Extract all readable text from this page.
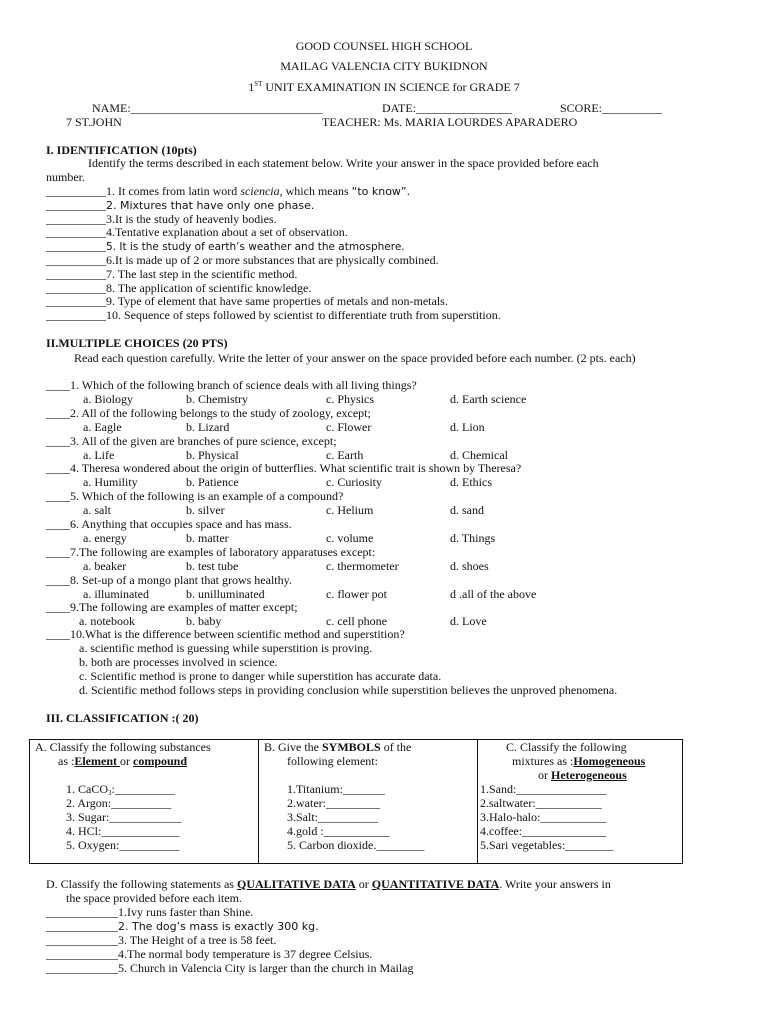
GOOD COUNSEL HIGH SCHOOL
MAILAG VALENCIA CITY BUKIDNON
1ST UNIT EXAMINATION IN SCIENCE for GRADE 7
NAME:________________________________	DATE:________________	SCORE:__________
7 ST.JOHN	TEACHER: Ms. MARIA LOURDES APARADERO
I. IDENTIFICATION (10pts)
Identify the terms described in each statement below. Write your answer in the space provided before each
number.
__________1. It comes from latin word sciencia, which means “to know”.
__________2. Mixtures that have only one phase.
__________3.It is the study of heavenly bodies.
__________4.Tentative explanation about a set of observation.
__________5. It is the study of earth’s weather and the atmosphere.
__________6.It is made up of 2 or more substances that are physically combined.
__________7. The last step in the scientific method.
__________8. The application of scientific knowledge.
__________9. Type of element that have same properties of metals and non-metals.
__________10. Sequence of steps followed by scientist to differentiate truth from superstition.
II.MULTIPLE CHOICES (20 PTS)
Read each question carefully. Write the letter of your answer on the space provided before each number. (2 pts. each)
____1. Which of the following branch of science deals with all living things?
a. Biology	b. Chemistry	c. Physics	d. Earth science
____2. All of the following belongs to the study of zoology, except;
a. Eagle	b. Lizard	c. Flower	d. Lion
____3. All of the given are branches of pure science, except;
a. Life	b. Physical	c. Earth	d. Chemical
____4. Theresa wondered about the origin of butterflies. What scientific trait is shown by Theresa?
a. Humility	b. Patience	c. Curiosity	d. Ethics
____5. Which of the following is an example of a compound?
a. salt	b. silver	c. Helium	d. sand
____6. Anything that occupies space and has mass.
a. energy	b. matter	c. volume	d. Things
____7.The following are examples of laboratory apparatuses except:
a. beaker	b. test tube	c. thermometer	d. shoes
____8. Set-up of a mongo plant that grows healthy.
a. illuminated	b. unilluminated	c. flower pot	d .all of the above
____9.The following are examples of matter except;
a. notebook	b. baby	c. cell phone	d. Love
____10.What is the difference between scientific method and superstition?
a. scientific method is guessing while superstition is proving.
b. both are processes involved in science.
c. Scientific method is prone to danger while superstition has accurate data.
d. Scientific method follows steps in providing conclusion while superstition believes the unproved phenomena.
III. CLASSIFICATION :( 20)
A. Classify the following substances
as :Element or compound
1. CaCO$_3$:__________
2. Argon:__________
3. Sugar:____________
4. HCl:_____________
5. Oxygen:__________

B. Give the SYMBOLS of the
following element:
1.Titanium:_______
2.water:_________
3.Salt:__________
4.gold :___________
5. Carbon dioxide.________

C. Classify the following
mixtures as :Homogeneous
or Heterogeneous
1.Sand:_______________
2.saltwater:___________
3.Halo-halo:___________
4.coffee:______________
5.Sari vegetables:________
D. Classify the following statements as QUALITATIVE DATA or QUANTITATIVE DATA. Write your answers in
the space provided before each item.
____________1.Ivy runs faster than Shine.
____________2. The dog’s mass is exactly 300 kg.
____________3. The Height of a tree is 58 feet.
____________4.The normal body temperature is 37 degree Celsius.
____________5. Church in Valencia City is larger than the church in Mailag
